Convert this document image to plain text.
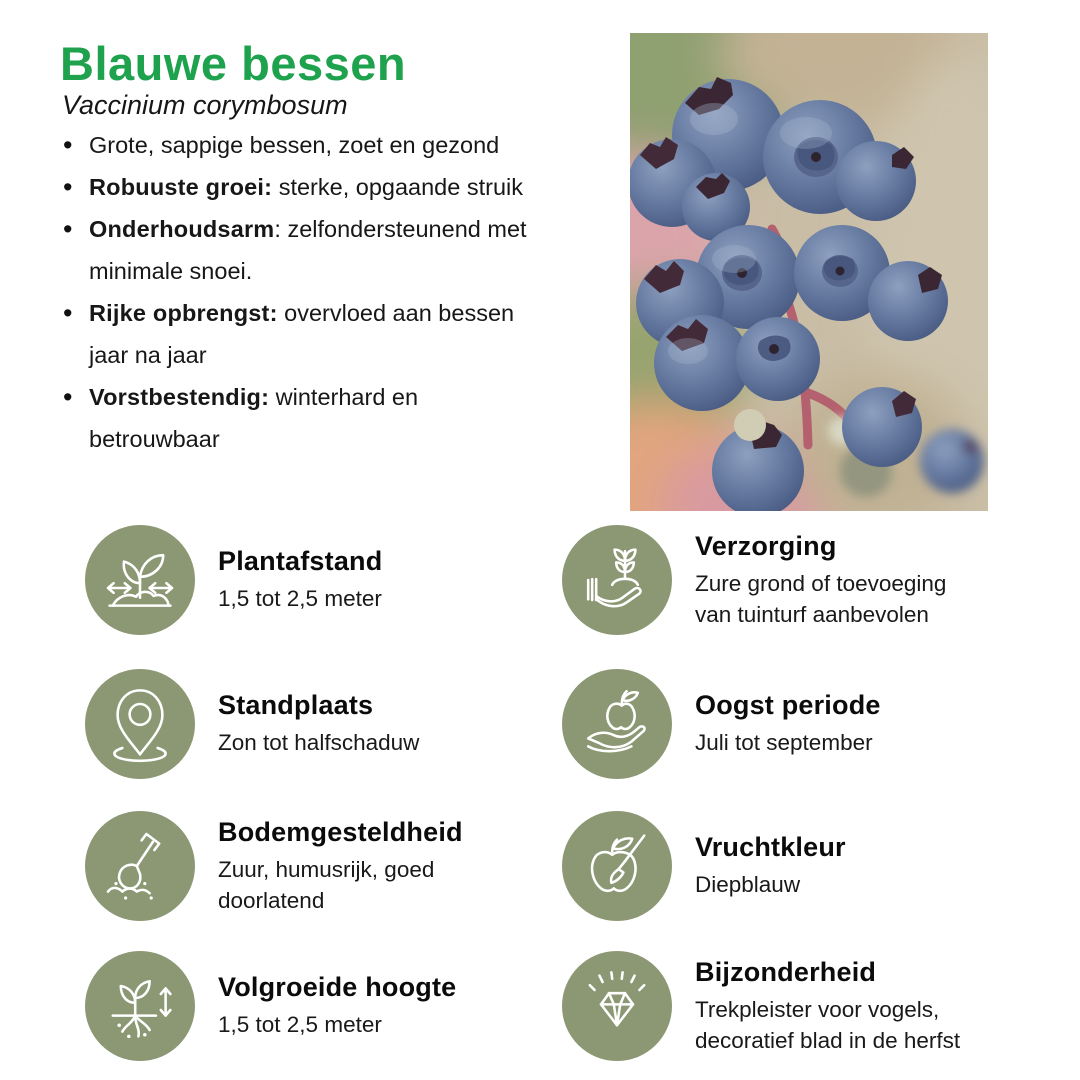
Blauwe bessen
Vaccinium corymbosum
• Grote, sappige bessen, zoet en gezond
• Robuuste groei: sterke, opgaande struik
• Onderhoudsarm: zelfondersteunend met minimale snoei.
• Rijke opbrengst: overvloed aan bessen jaar na jaar
• Vorstbestendig: winterhard en betrouwbaar
Plantafstand
1,5 tot 2,5 meter
Verzorging
Zure grond of toevoeging van tuinturf aanbevolen
Standplaats
Zon tot halfschaduw
Oogst periode
Juli tot september
Bodemgesteldheid
Zuur, humusrijk, goed doorlatend
Vruchtkleur
Diepblauw
Volgroeide hoogte
1,5 tot 2,5 meter
Bijzonderheid
Trekpleister voor vogels, decoratief blad in de herfst
